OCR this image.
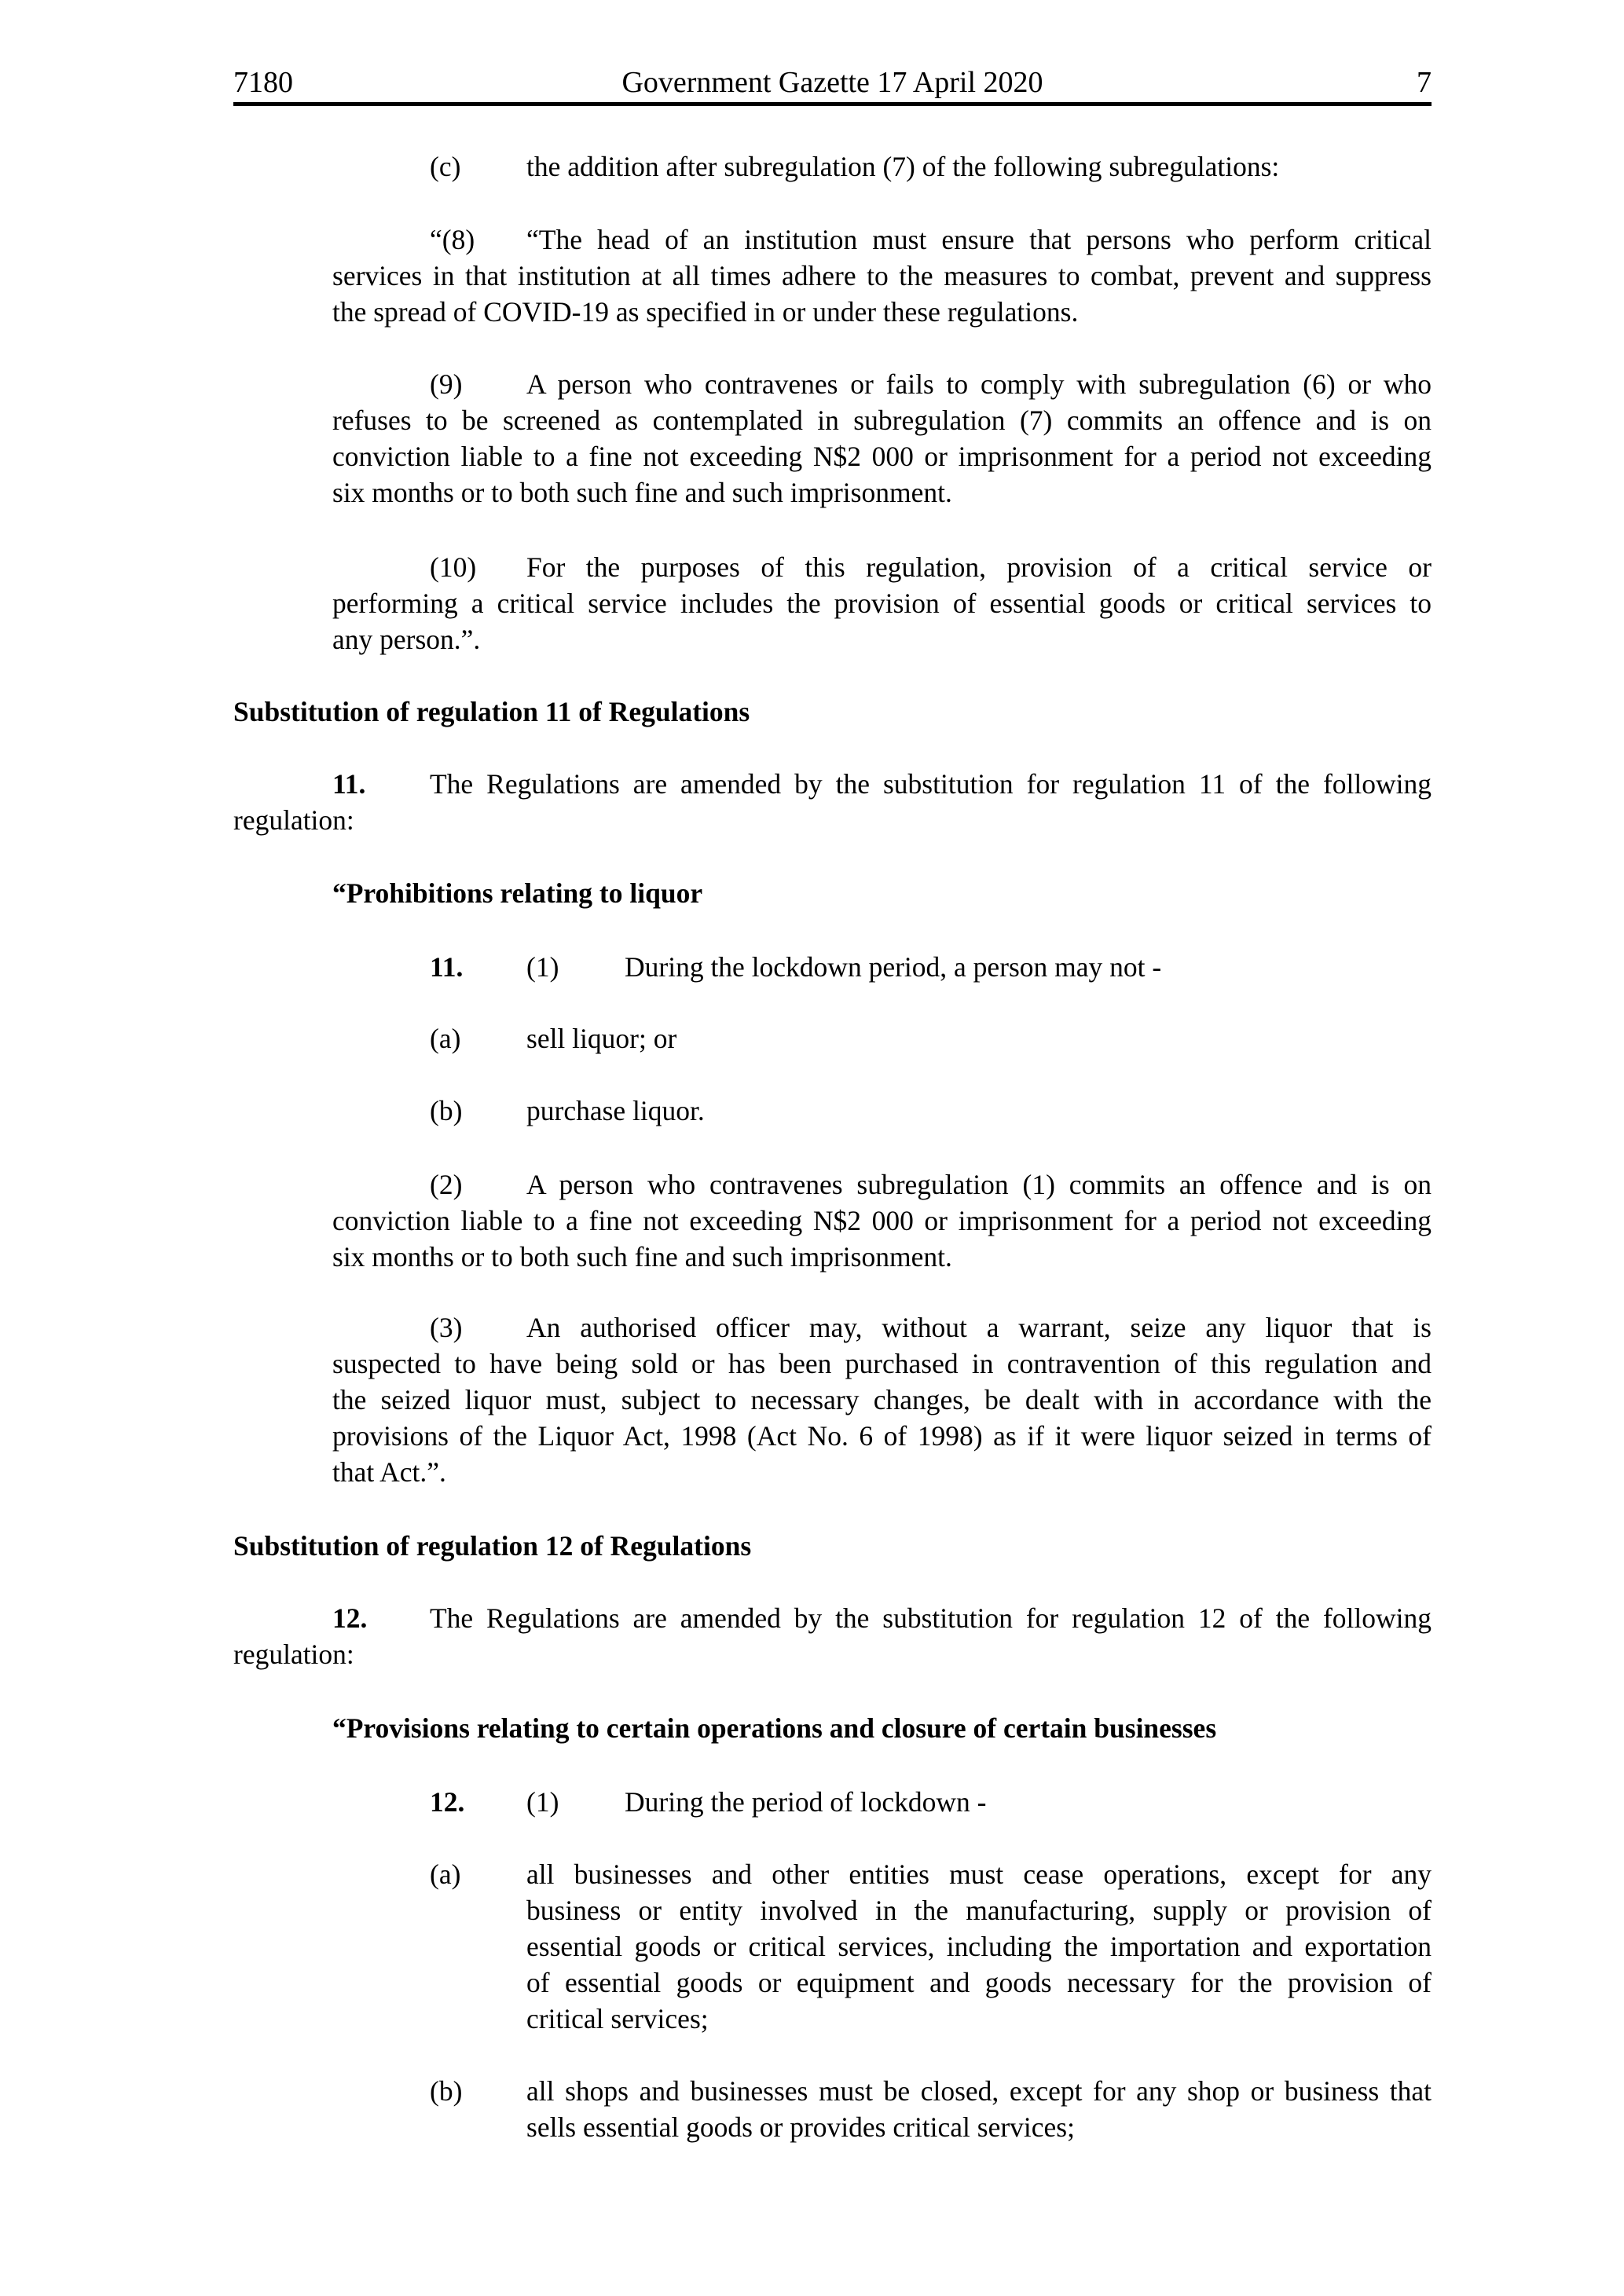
7180	Government Gazette 17 April 2020	7
(c) the addition after subregulation (7) of the following subregulations:
“(8) “The head of an institution must ensure that persons who perform critical
services in that institution at all times adhere to the measures to combat, prevent and suppress
the spread of COVID-19 as specified in or under these regulations.
(9) A person who contravenes or fails to comply with subregulation (6) or who
refuses to be screened as contemplated in subregulation (7) commits an offence and is on
conviction liable to a fine not exceeding N$2 000 or imprisonment for a period not exceeding
six months or to both such fine and such imprisonment.
(10) For the purposes of this regulation, provision of a critical service or
performing a critical service includes the provision of essential goods or critical services to
any person.”.
Substitution of regulation 11 of Regulations
11. The Regulations are amended by the substitution for regulation 11 of the following
regulation:
“Prohibitions relating to liquor
11. (1) During the lockdown period, a person may not -
(a) sell liquor; or
(b) purchase liquor.
(2) A person who contravenes subregulation (1) commits an offence and is on
conviction liable to a fine not exceeding N$2 000 or imprisonment for a period not exceeding
six months or to both such fine and such imprisonment.
(3) An authorised officer may, without a warrant, seize any liquor that is
suspected to have being sold or has been purchased in contravention of this regulation and
the seized liquor must, subject to necessary changes, be dealt with in accordance with the
provisions of the Liquor Act, 1998 (Act No. 6 of 1998) as if it were liquor seized in terms of
that Act.”.
Substitution of regulation 12 of Regulations
12. The Regulations are amended by the substitution for regulation 12 of the following
regulation:
“Provisions relating to certain operations and closure of certain businesses
12. (1) During the period of lockdown -
(a)	all businesses and other entities must cease operations, except for any
business or entity involved in the manufacturing, supply or provision of
essential goods or critical services, including the importation and exportation
of essential goods or equipment and goods necessary for the provision of
critical services;
(b)	all shops and businesses must be closed, except for any shop or business that
sells essential goods or provides critical services;
